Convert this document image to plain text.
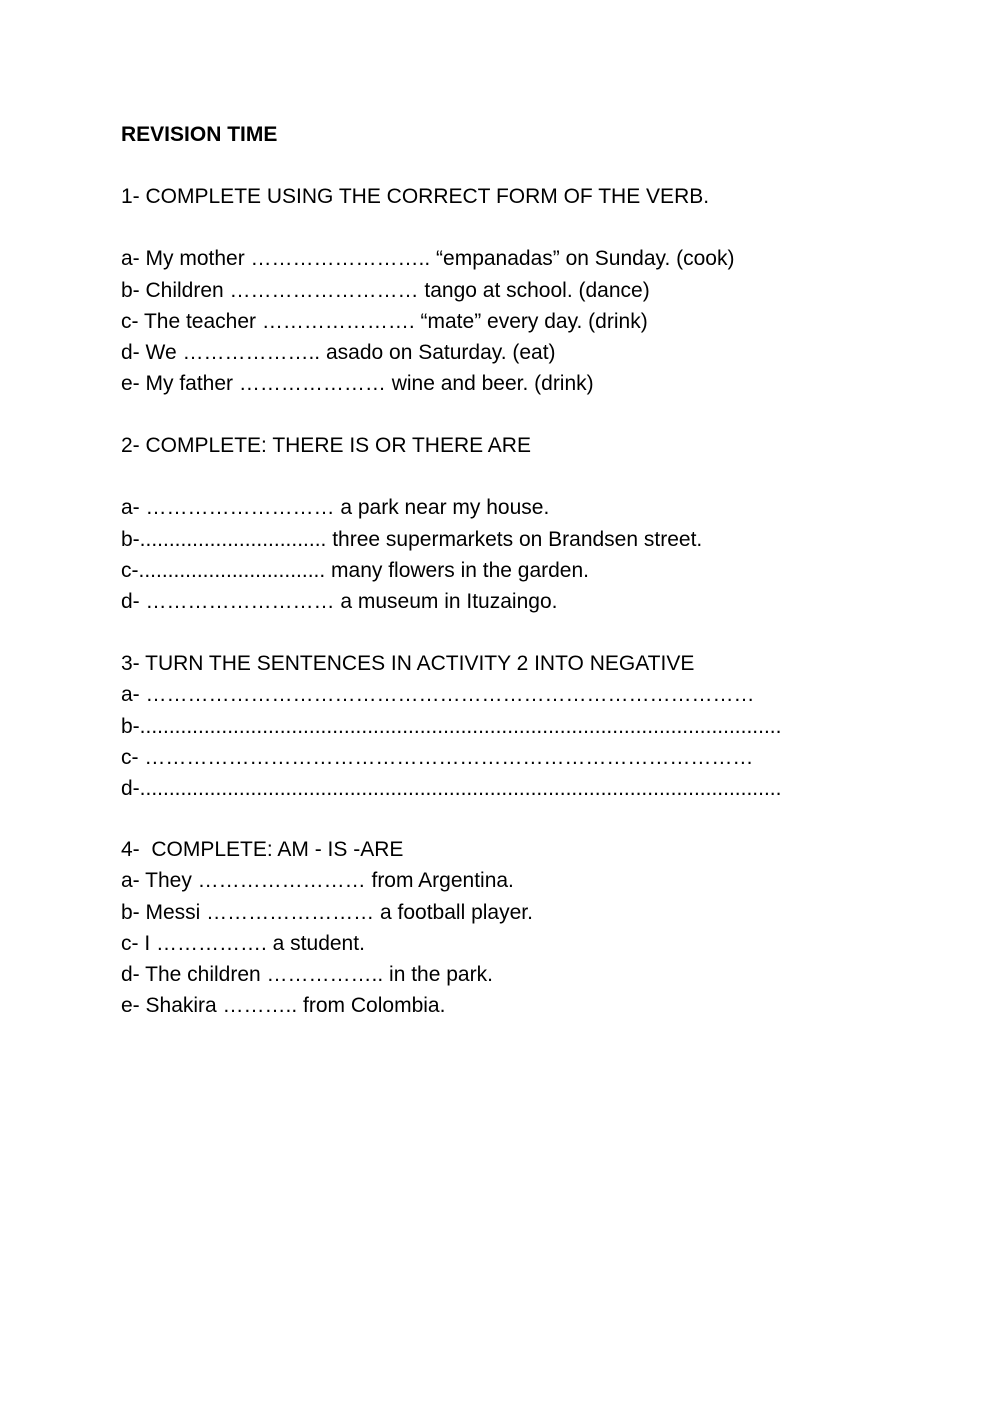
REVISION TIME
1- COMPLETE USING THE CORRECT FORM OF THE VERB.
a- My mother …………………….. “empanadas” on Sunday. (cook)
b- Children ……………………… tango at school. (dance)
c- The teacher …………………. “mate” every day. (drink)
d- We ……………….. asado on Saturday. (eat)
e- My father ………………… wine and beer. (drink)
2- COMPLETE: THERE IS OR THERE ARE
a- ……………………… a park near my house.
b-................................ three supermarkets on Brandsen street.
c-................................ many flowers in the garden.
d- ……………………… a museum in Ituzaingo.
3- TURN THE SENTENCES IN ACTIVITY 2 INTO NEGATIVE
a- ……………………………………………………………………………
b-..............................................................................................................
c- ……………………………………………………………………………
d-..............................................................................................................
4-  COMPLETE: AM - IS -ARE
a- They …………………… from Argentina.
b- Messi …………………… a football player.
c- I ……………. a student.
d- The children …………….. in the park.
e- Shakira ……….. from Colombia.
